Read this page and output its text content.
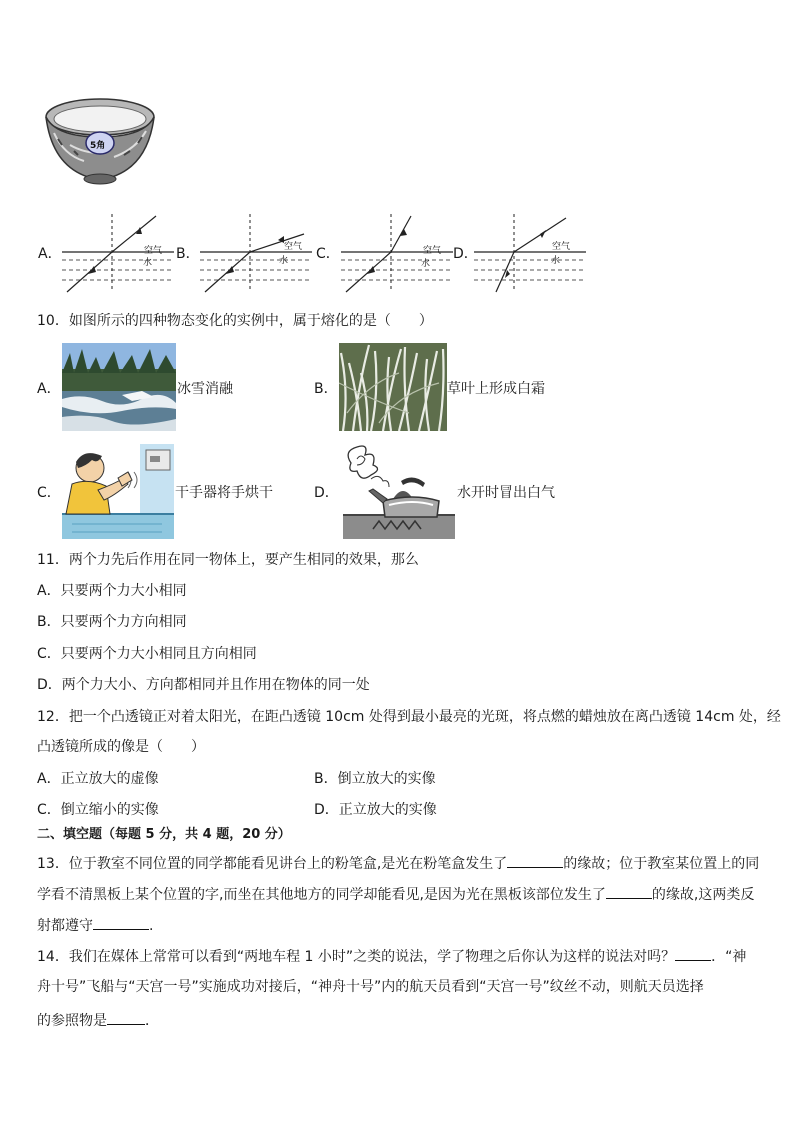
5角
A．	空气
水
B．	空气
水 C．	空气
水
D．	空气
水
10．如图所示的四种物态变化的实例中，属于熔化的是（　　）
A．	冰雪消融	B．	草叶上形成白霜
C．	干手器将手烘干	D．	水开时冒出白气
11．两个力先后作用在同一物体上，要产生相同的效果，那么
A．只要两个力大小相同
B．只要两个力方向相同
C．只要两个力大小相同且方向相同
D．两个力大小、方向都相同并且作用在物体的同一处
12．把一个凸透镜正对着太阳光，在距凸透镜 10cm 处得到最小最亮的光斑，将点燃的蜡烛放在离凸透镜 14cm 处，经
凸透镜所成的像是（　　）
A．正立放大的虚像	B．倒立放大的实像
C．倒立缩小的实像	D．正立放大的实像
二、填空题（每题 5 分，共 4 题，20 分）
13．位于教室不同位置的同学都能看见讲台上的粉笔盒,是光在粉笔盒发生了	的缘故；位于教室某位置上的同
学看不清黑板上某个位置的字,而坐在其他地方的同学却能看见,是因为光在黑板该部位发生了	的缘故,这两类反
射都遵守	.
14．我们在媒体上常常可以看到“两地车程 1 小时”之类的说法，学了物理之后你认为这样的说法对吗？	．“神
舟十号”飞船与“天宫一号”实施成功对接后，“神舟十号”内的航天员看到“天宫一号”纹丝不动，则航天员选择
的参照物是	．
